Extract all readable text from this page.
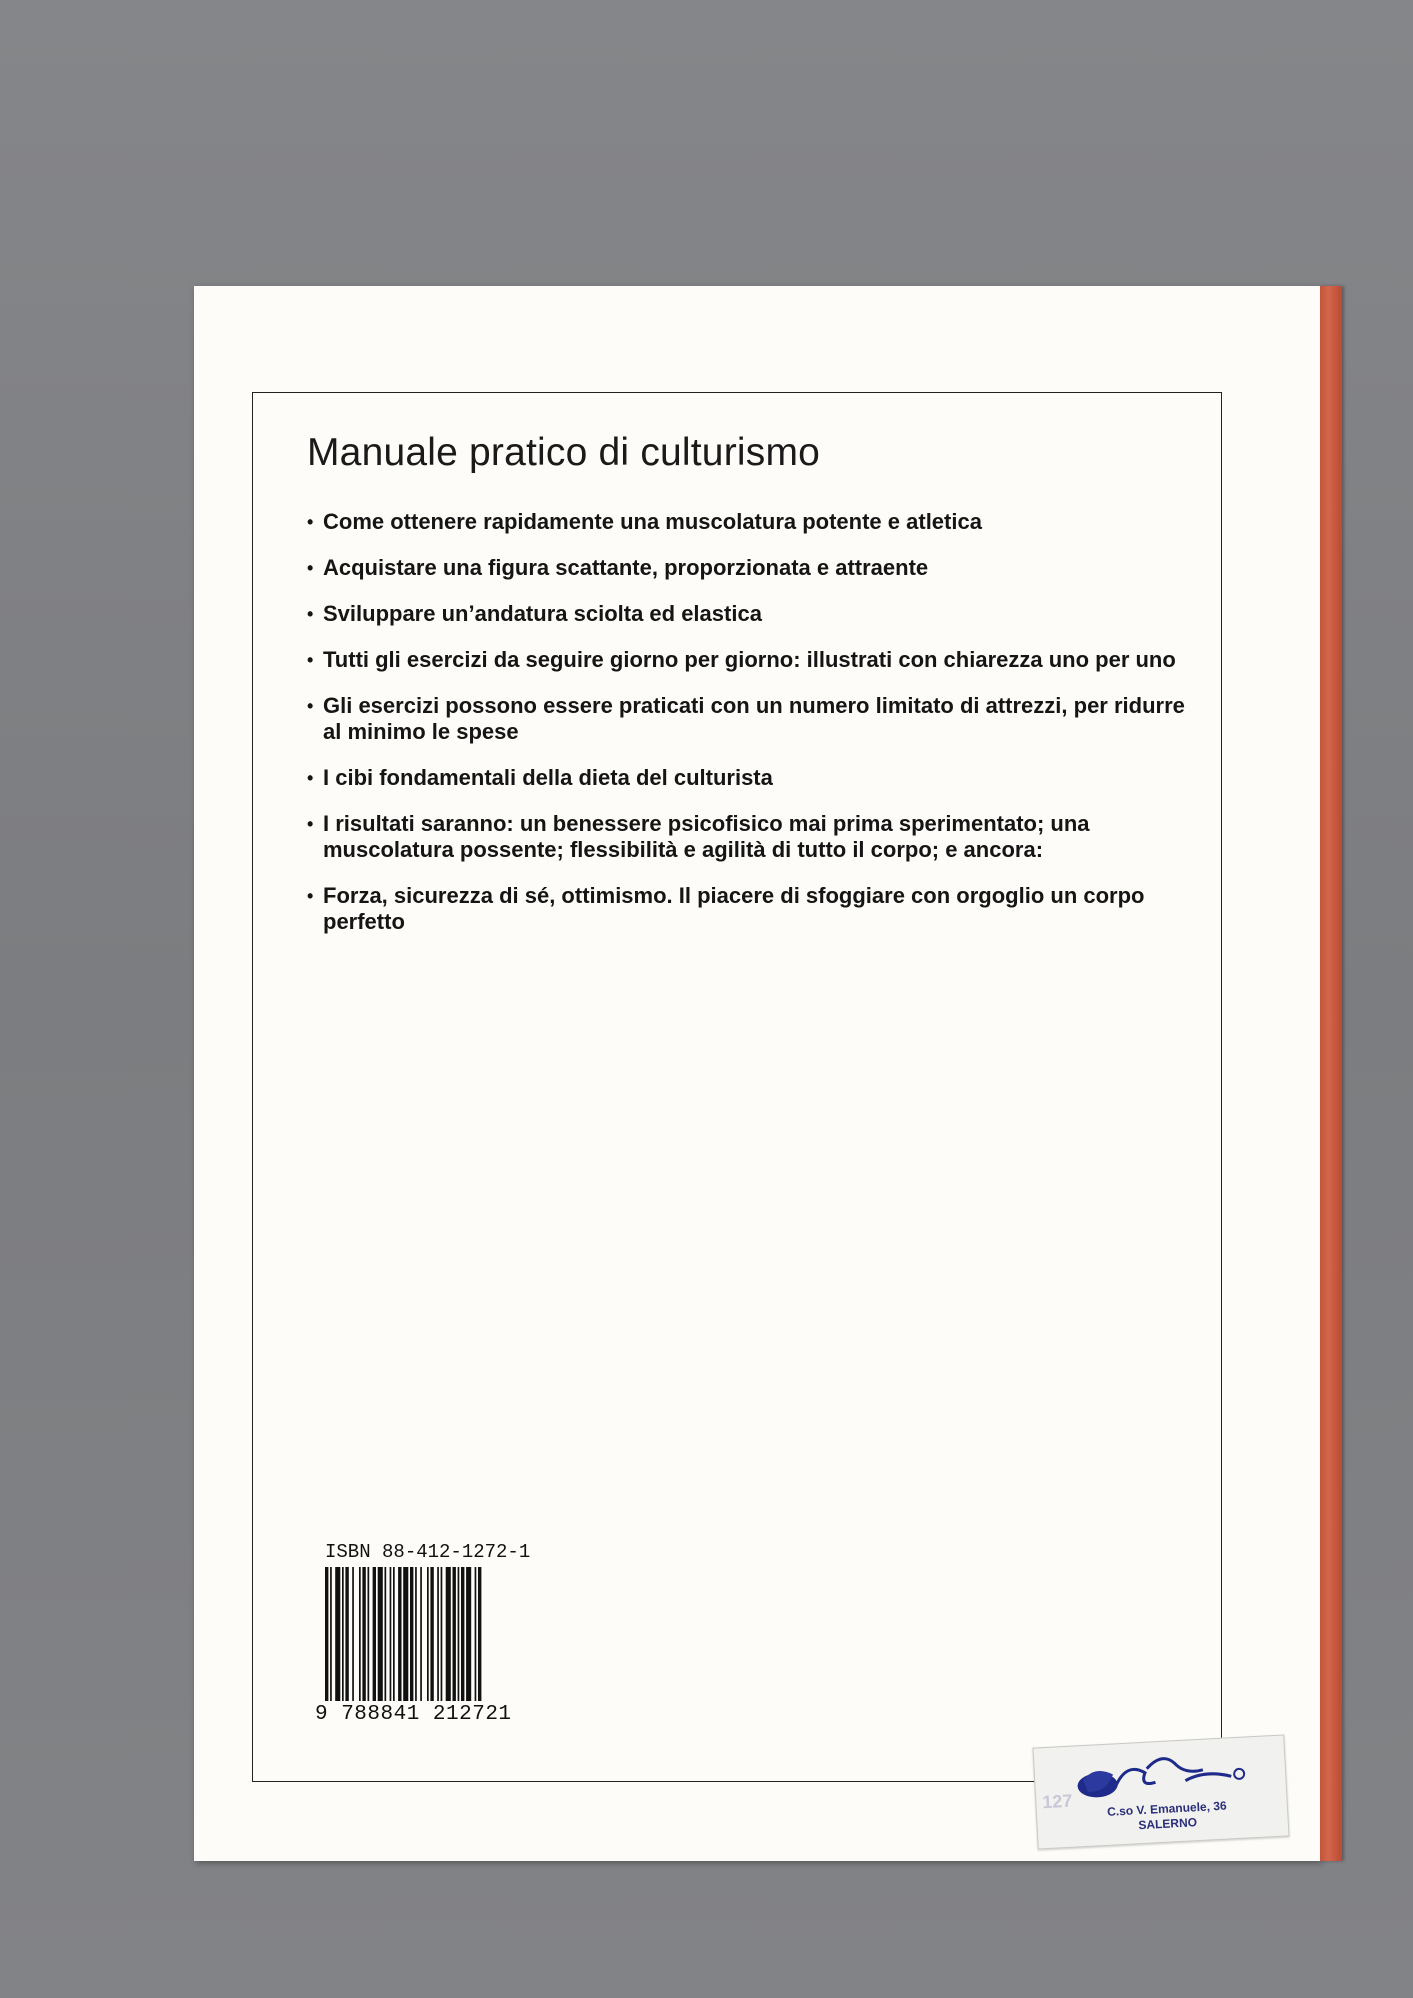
Manuale pratico di culturismo
• Come ottenere rapidamente una muscolatura potente e atletica
• Acquistare una figura scattante, proporzionata e attraente
• Sviluppare un’andatura sciolta ed elastica
• Tutti gli esercizi da seguire giorno per giorno: illustrati con chiarezza uno per uno
• Gli esercizi possono essere praticati con un numero limitato di attrezzi, per ridurre al minimo le spese
• I cibi fondamentali della dieta del culturista
• I risultati saranno: un benessere psicofisico mai prima sperimentato; una muscolatura possente; flessibilità e agilità di tutto il corpo; e ancora:
• Forza, sicurezza di sé, ottimismo. Il piacere di sfoggiare con orgoglio un corpo perfetto
ISBN 88-412-1272-1
9 788841 212721
127	C.so V. Emanuele, 36
SALERNO
